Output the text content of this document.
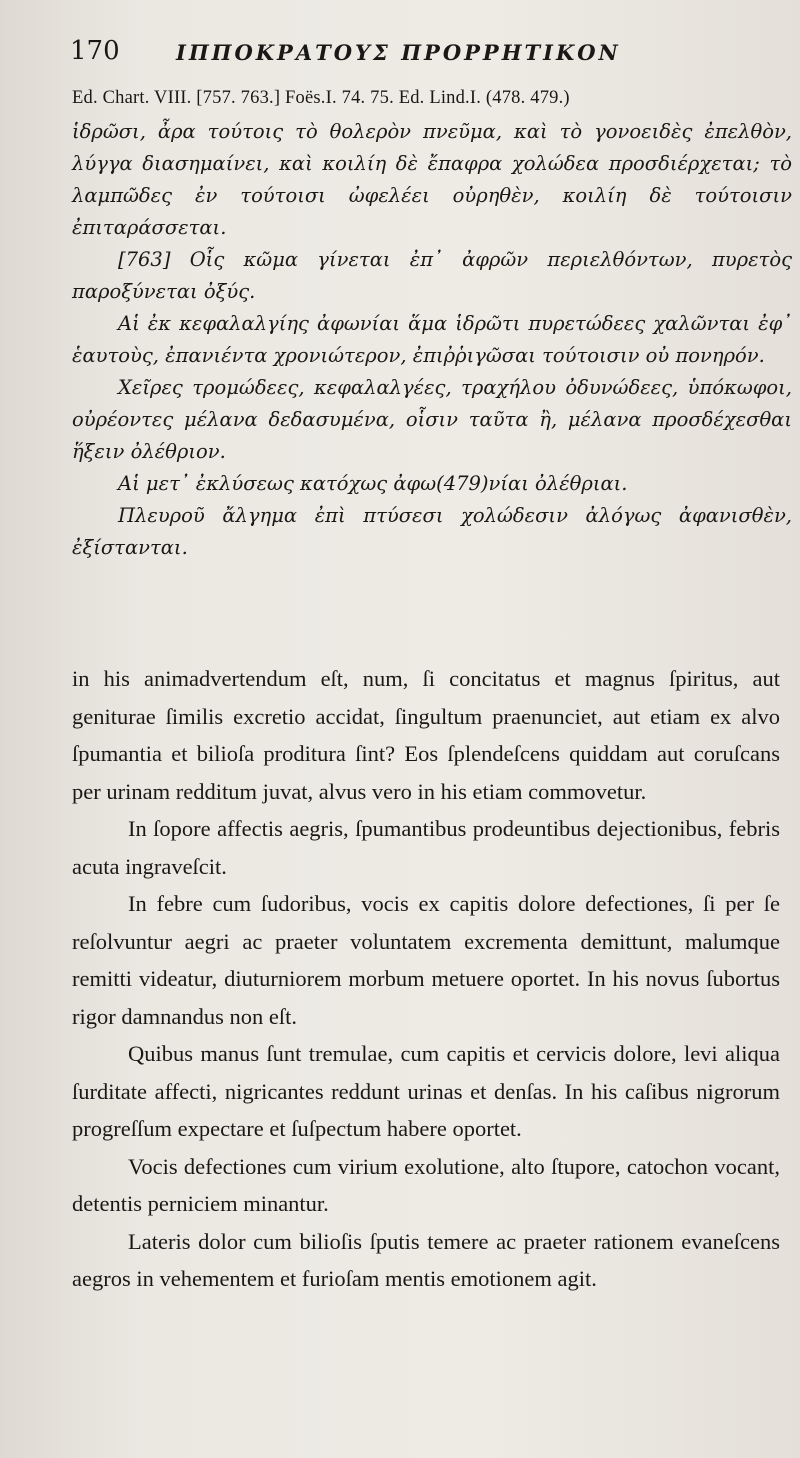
170	ΙΠΠΟΚΡΑΤΟΥΣ ΠΡΟΡΡΗΤΙΚΟΝ
Ed. Chart. VIII. [757. 763.] Foës.I. 74. 75. Ed. Lind.I. (478. 479.)

ἱδρῶσι, ἆρα τούτοις τὸ θολερὸν πνεῦμα, καὶ τὸ γονοειδὲς ἐπελθὸν, λύγγα διασημαίνει, καὶ κοιλίη δὲ ἔπαφρα χολώδεα προσδιέρχεται; τὸ λαμπῶδες ἐν τούτοισι ὠφελέει οὐρηθὲν, κοιλίη δὲ τούτοισιν ἐπιταράσσεται.

[763] Οἷς κῶμα γίνεται ἐπ᾽ ἀφρῶν περιελθόντων, πυρετὸς παροξύνεται ὀξύς.

Αἱ ἐκ κεφαλαλγίης ἀφωνίαι ἅμα ἱδρῶτι πυρετώδεες χαλῶνται ἐφ᾽ ἑαυτοὺς, ἐπανιέντα χρονιώτερον, ἐπιῤῥιγῶσαι τούτοισιν οὐ πονηρόν.

Χεῖρες τρομώδεες, κεφαλαλγέες, τραχήλου ὀδυνώδεες, ὑπόκωφοι, οὐρέοντες μέλανα δεδασυμένα, οἷσιν ταῦτα ἢ, μέλανα προσδέχεσθαι ἥξειν ὀλέθριον.

Αἱ μετ᾽ ἐκλύσεως κατόχως ἀφω(479)νίαι ὀλέθριαι.

Πλευροῦ ἄλγημα ἐπὶ πτύσεσι χολώδεσιν ἀλόγως ἀφανισθὲν, ἐξίστανται.

in his animadvertendum eſt, num, ſi concitatus et magnus ſpiritus, aut geniturae ſimilis excretio accidat, ſingultum praenunciet, aut etiam ex alvo ſpumantia et bilioſa proditura ſint? Eos ſplendeſcens quiddam aut coruſcans per urinam redditum juvat, alvus vero in his etiam commovetur.

In ſopore affectis aegris, ſpumantibus prodeuntibus dejectionibus, febris acuta ingraveſcit.

In febre cum ſudoribus, vocis ex capitis dolore defectiones, ſi per ſe reſolvuntur aegri ac praeter voluntatem excrementa demittunt, malumque remitti videatur, diuturniorem morbum metuere oportet. In his novus ſubortus rigor damnandus non eſt.

Quibus manus ſunt tremulae, cum capitis et cervicis dolore, levi aliqua ſurditate affecti, nigricantes reddunt urinas et denſas. In his caſibus nigrorum progreſſum expectare et ſuſpectum habere oportet.

Vocis defectiones cum virium exolutione, alto ſtupore, catochon vocant, detentis perniciem minantur.

Lateris dolor cum bilioſis ſputis temere ac praeter rationem evaneſcens aegros in vehementem et furioſam mentis emotionem agit.
